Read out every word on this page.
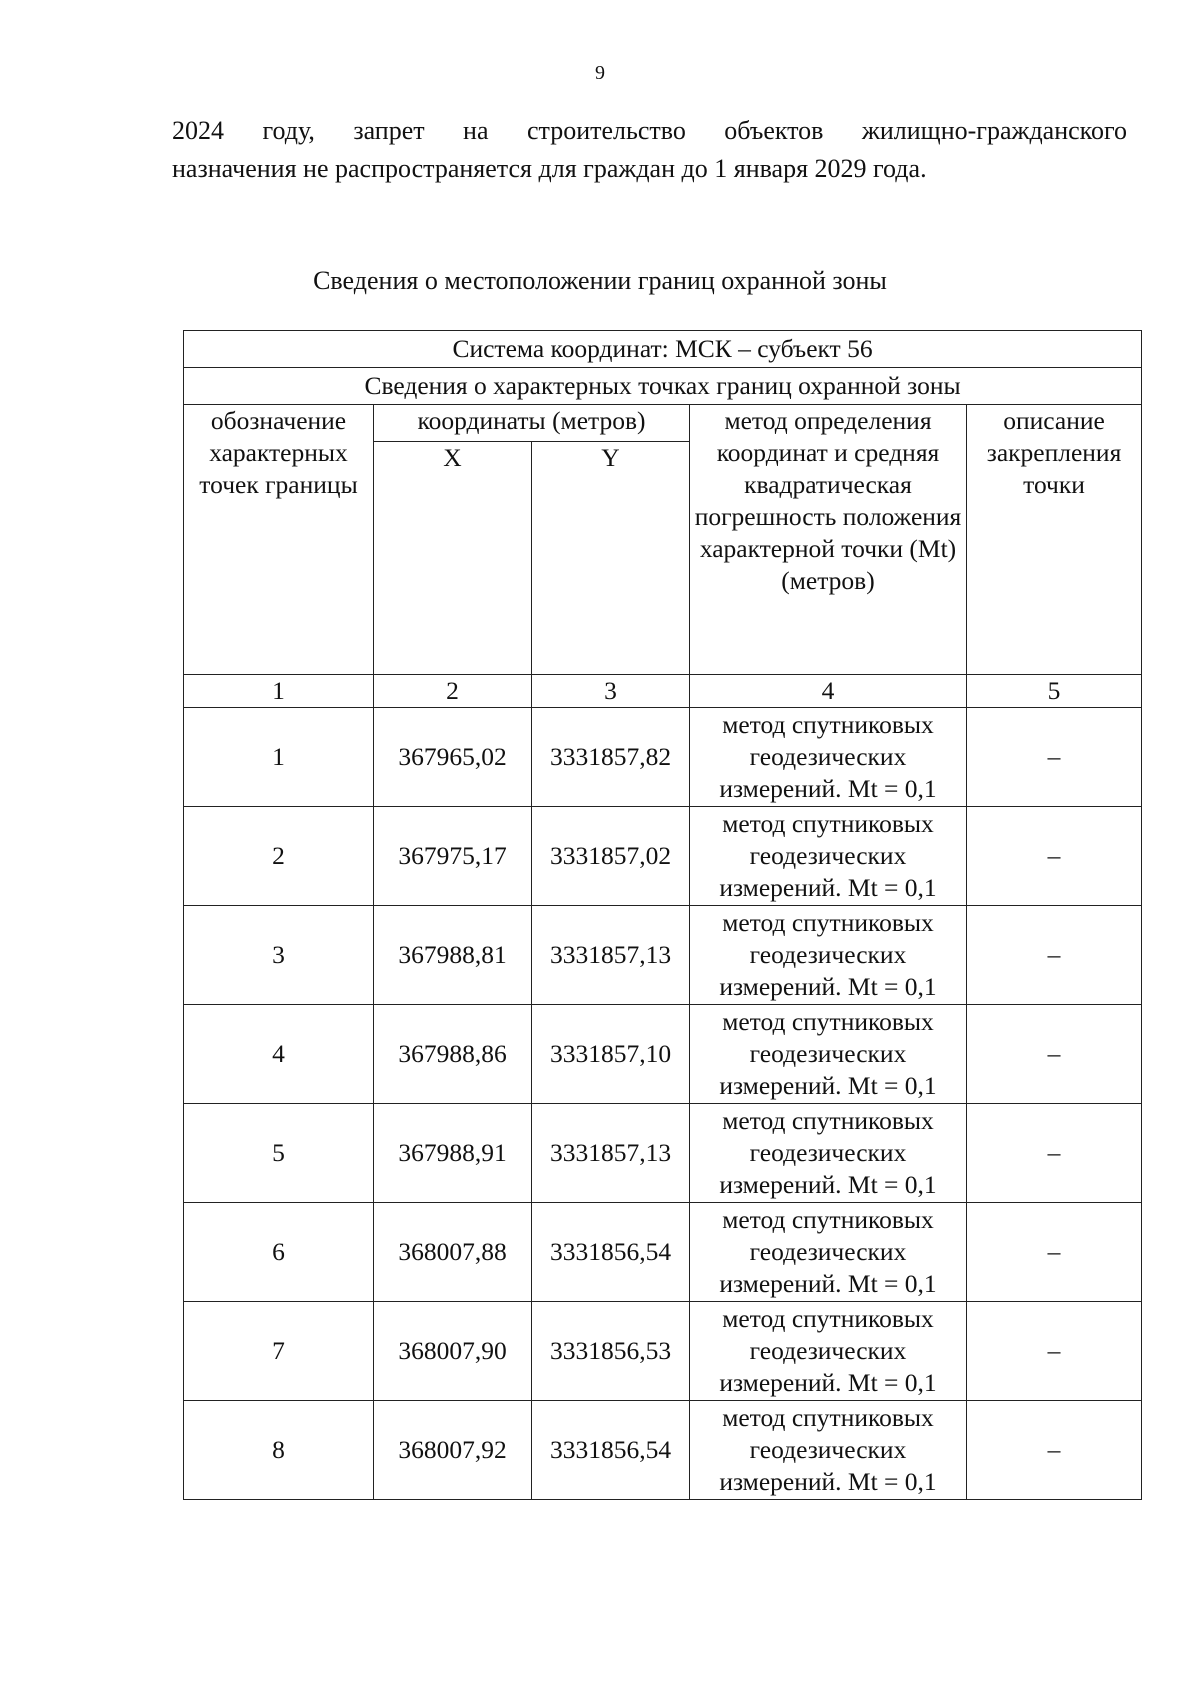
9

2024 году, запрет на строительство объектов жилищно-гражданского

назначения не распространяется для граждан до 1 января 2029 года.

Сведения о местоположении границ охранной зоны
Система координат: МСК – субъект 56				
Сведения о характерных точках границ охранной зоны				
обозначение характерных точек границы	координаты (метров)		метод определения координат и средняя квадратическая погрешность положения характерной точки (Mt) (метров)	описание закрепления точки
	X	Y		
1	2	3	4	5
1	367965,02	3331857,82	метод спутниковых геодезических измерений. Mt = 0,1	–
2	367975,17	3331857,02	метод спутниковых геодезических измерений. Mt = 0,1	–
3	367988,81	3331857,13	метод спутниковых геодезических измерений. Mt = 0,1	–
4	367988,86	3331857,10	метод спутниковых геодезических измерений. Mt = 0,1	–
5	367988,91	3331857,13	метод спутниковых геодезических измерений. Mt = 0,1	–
6	368007,88	3331856,54	метод спутниковых геодезических измерений. Mt = 0,1	–
7	368007,90	3331856,53	метод спутниковых геодезических измерений. Mt = 0,1	–
8	368007,92	3331856,54	метод спутниковых геодезических измерений. Mt = 0,1	–
